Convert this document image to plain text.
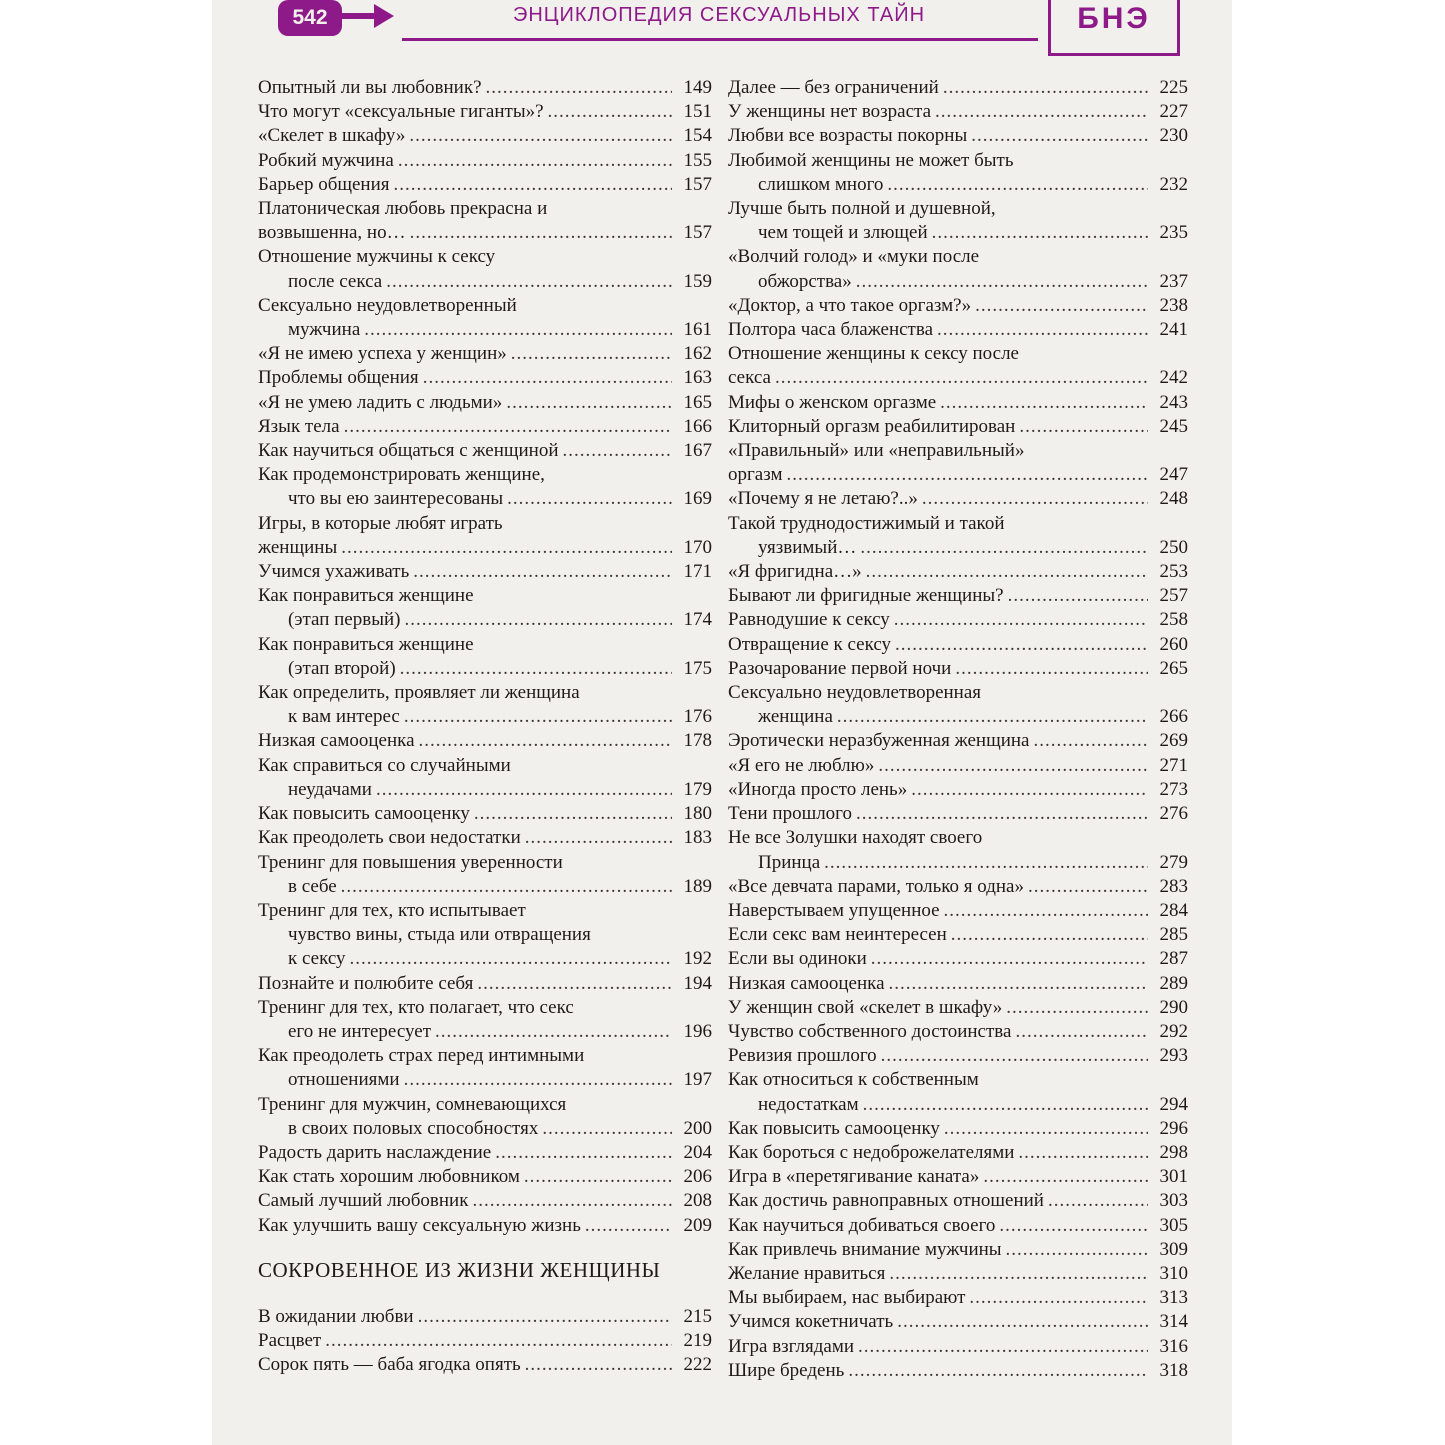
542	ЭНЦИКЛОПЕДИЯ СЕКСУАЛЬНЫХ ТАЙН	БНЭ
Опытный ли вы любовник? .....	149
Что могут «сексуальные гиганты»? .....	151
«Скелет в шкафу» .....	154
Робкий мужчина .....	155
Барьер общения .....	157
Платоническая любовь прекрасна и
возвышенна, но… .....	157
Отношение мужчины к сексу
после секса .....	159
Сексуально неудовлетворенный
мужчина .....	161
«Я не имею успеха у женщин» .....	162
Проблемы общения .....	163
«Я не умею ладить с людьми» .....	165
Язык тела .....	166
Как научиться общаться с женщиной .....	167
Как продемонстрировать женщине,
что вы ею заинтересованы .....	169
Игры, в которые любят играть
женщины .....	170
Учимся ухаживать .....	171
Как понравиться женщине
(этап первый) .....	174
Как понравиться женщине
(этап второй) .....	175
Как определить, проявляет ли женщина
к вам интерес .....	176
Низкая самооценка .....	178
Как справиться со случайными
неудачами .....	179
Как повысить самооценку .....	180
Как преодолеть свои недостатки .....	183
Тренинг для повышения уверенности
в себе .....	189
Тренинг для тех, кто испытывает
чувство вины, стыда или отвращения
к сексу .....	192
Познайте и полюбите себя .....	194
Тренинг для тех, кто полагает, что секс
его не интересует .....	196
Как преодолеть страх перед интимными
отношениями .....	197
Тренинг для мужчин, сомневающихся
в своих половых способностях .....	200
Радость дарить наслаждение .....	204
Как стать хорошим любовником .....	206
Самый лучший любовник .....	208
Как улучшить вашу сексуальную жизнь .....	209
СОКРОВЕННОЕ ИЗ ЖИЗНИ ЖЕНЩИНЫ
В ожидании любви .....	215
Расцвет .....	219
Сорок пять — баба ягодка опять .....	222
Далее — без ограничений .....	225
У женщины нет возраста .....	227
Любви все возрасты покорны .....	230
Любимой женщины не может быть
слишком много .....	232
Лучше быть полной и душевной,
чем тощей и злющей .....	235
«Волчий голод» и «муки после
обжорства» .....	237
«Доктор, а что такое оргазм?» .....	238
Полтора часа блаженства .....	241
Отношение женщины к сексу после
секса .....	242
Мифы о женском оргазме .....	243
Клиторный оргазм реабилитирован .....	245
«Правильный» или «неправильный»
оргазм .....	247
«Почему я не летаю?..» .....	248
Такой труднодостижимый и такой
уязвимый… .....	250
«Я фригидна…» .....	253
Бывают ли фригидные женщины? .....	257
Равнодушие к сексу .....	258
Отвращение к сексу .....	260
Разочарование первой ночи .....	265
Сексуально неудовлетворенная
женщина .....	266
Эротически неразбуженная женщина .....	269
«Я его не люблю» .....	271
«Иногда просто лень» .....	273
Тени прошлого .....	276
Не все Золушки находят своего
Принца .....	279
«Все девчата парами, только я одна» .....	283
Наверстываем упущенное .....	284
Если секс вам неинтересен .....	285
Если вы одиноки .....	287
Низкая самооценка .....	289
У женщин свой «скелет в шкафу» .....	290
Чувство собственного достоинства .....	292
Ревизия прошлого .....	293
Как относиться к собственным
недостаткам .....	294
Как повысить самооценку .....	296
Как бороться с недоброжелателями .....	298
Игра в «перетягивание каната» .....	301
Как достичь равноправных отношений .....	303
Как научиться добиваться своего .....	305
Как привлечь внимание мужчины .....	309
Желание нравиться .....	310
Мы выбираем, нас выбирают .....	313
Учимся кокетничать .....	314
Игра взглядами .....	316
Шире бредень .....	318
